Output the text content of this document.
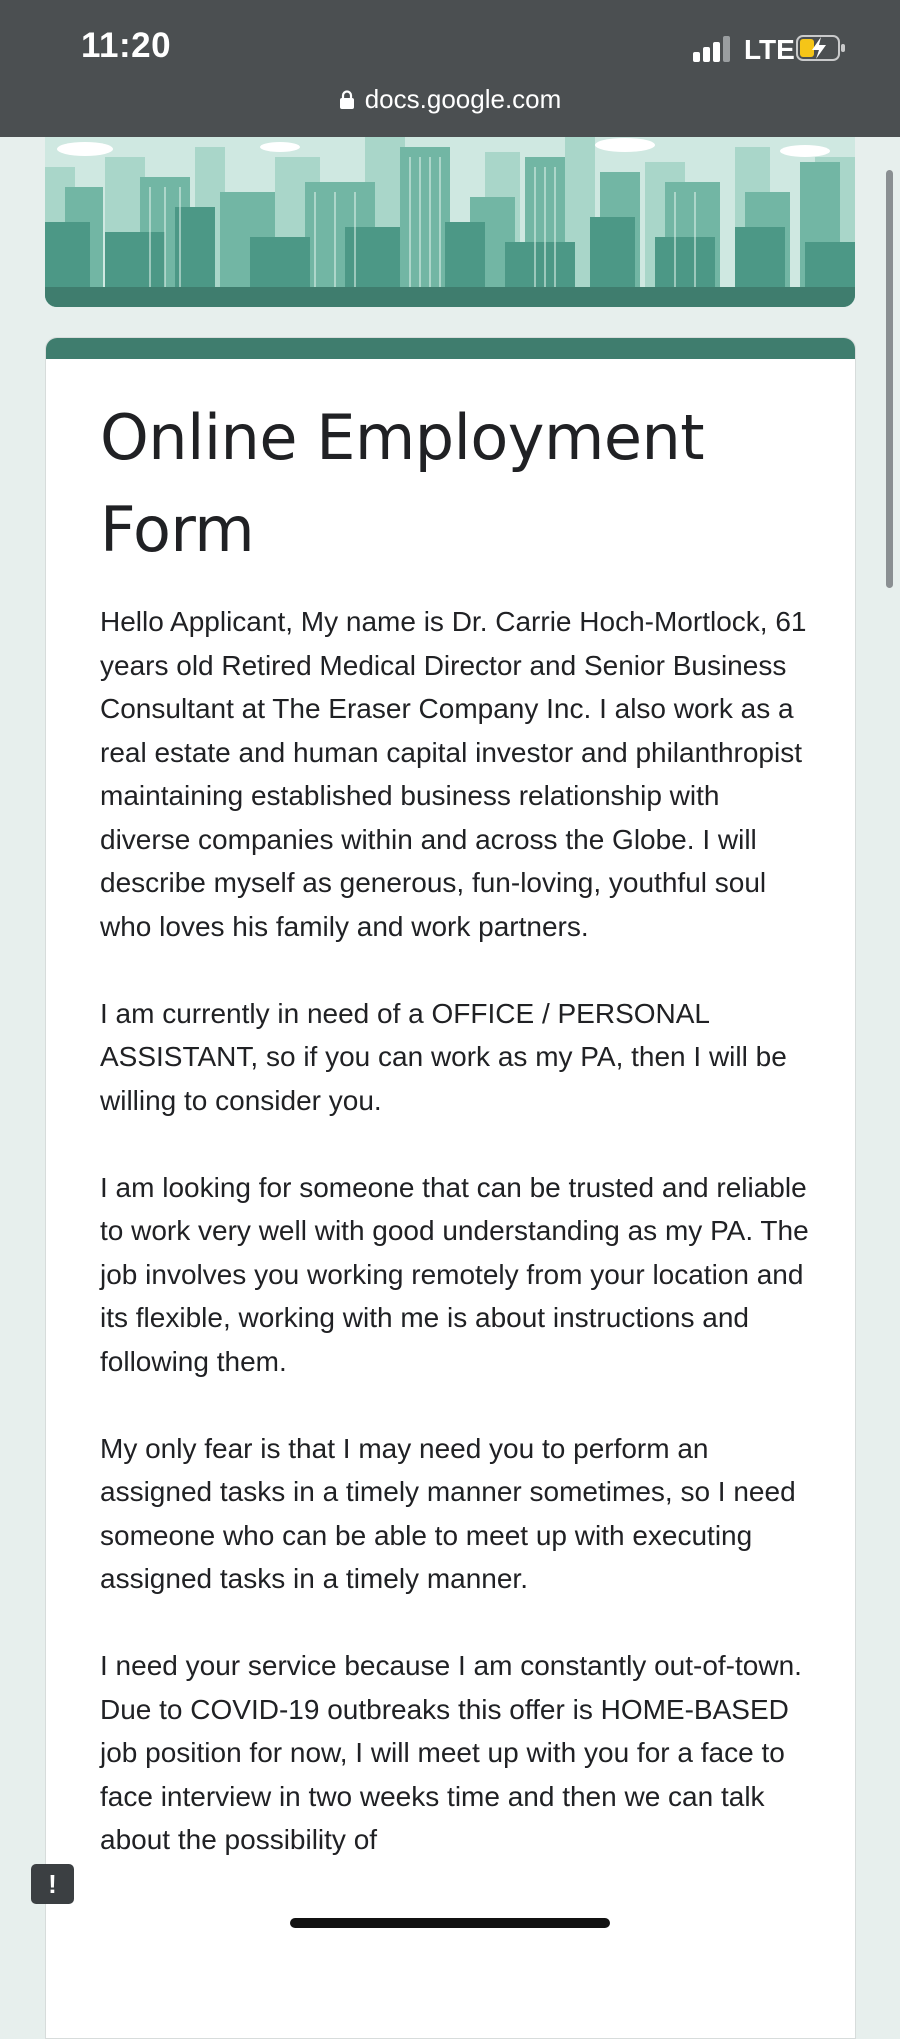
11:20	LTE
docs.google.com
Online Employment Form

Hello Applicant, My name is Dr. Carrie Hoch-Mortlock, 61 years old Retired Medical Director and Senior Business Consultant at The Eraser Company Inc. I also work as a real estate and human capital investor and philanthropist maintaining established business relationship with diverse companies within and across the Globe. I will describe myself as generous, fun-loving, youthful soul who loves his family and work partners.

I am currently in need of a OFFICE / PERSONAL ASSISTANT, so if you can work as my PA, then I will be willing to consider you.

I am looking for someone that can be trusted and reliable to work very well with good understanding as my PA. The job involves you working remotely from your location and its flexible, working with me is about instructions and following them.

My only fear is that I may need you to perform an assigned tasks in a timely manner sometimes, so I need someone who can be able to meet up with executing assigned tasks in a timely manner.

I need your service because I am constantly out-of-town. Due to COVID-19 outbreaks this offer is HOME-BASED job position for now, I will meet up with you for a face to face interview in two weeks time and then we can talk about the possibility of

!
